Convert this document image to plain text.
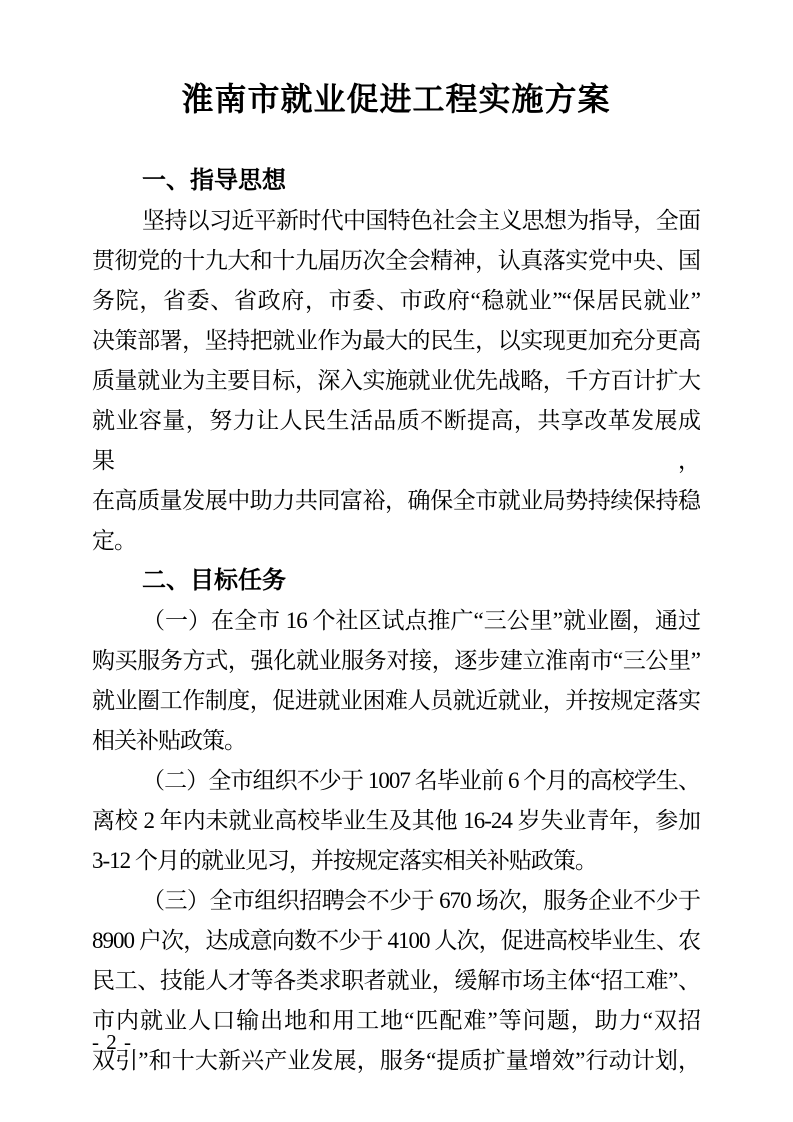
淮南市就业促进工程实施方案
一、指导思想
坚持以习近平新时代中国特色社会主义思想为指导，全面
贯彻党的十九大和十九届历次全会精神，认真落实党中央、国
务院，省委、省政府，市委、市政府“稳就业”“保居民就业”
决策部署，坚持把就业作为最大的民生，以实现更加充分更高
质量就业为主要目标，深入实施就业优先战略，千方百计扩大
就业容量，努力让人民生活品质不断提高，共享改革发展成果，
在高质量发展中助力共同富裕，确保全市就业局势持续保持稳
定。
二、目标任务
（一）在全市 16 个社区试点推广“三公里”就业圈，通过
购买服务方式，强化就业服务对接，逐步建立淮南市“三公里”
就业圈工作制度，促进就业困难人员就近就业，并按规定落实
相关补贴政策。
（二）全市组织不少于 1007 名毕业前 6 个月的高校学生、
离校 2 年内未就业高校毕业生及其他 16-24 岁失业青年，参加
3-12 个月的就业见习，并按规定落实相关补贴政策。
（三）全市组织招聘会不少于 670 场次，服务企业不少于
8900 户次，达成意向数不少于 4100 人次，促进高校毕业生、农
民工、技能人才等各类求职者就业，缓解市场主体“招工难”、
市内就业人口输出地和用工地“匹配难”等问题，助力“双招
双引”和十大新兴产业发展，服务“提质扩量增效”行动计划，
- 2 -
